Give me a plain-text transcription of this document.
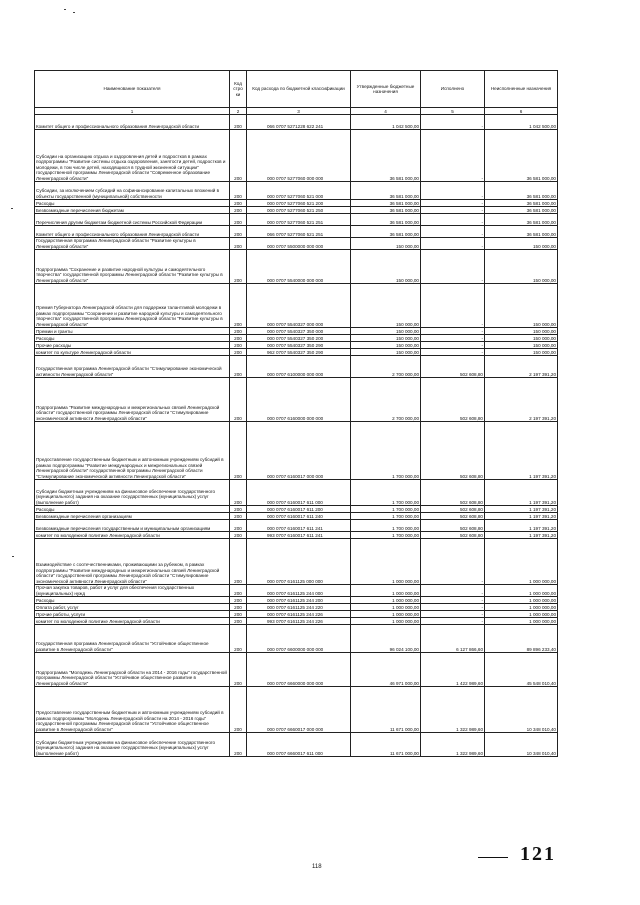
Наименование показателя	Код стро ки	Код расхода по бюджетной классификации	Утвержденные бюджетные назначения	Исполнено	Неисполненные назначения
1	2	3	4	5	6
Комитет общего и профессионального образования Ленинградской области	200	066 0707 5271228 622 241	1 042 500,00	-	1 042 500,00
Субсидии на организацию отдыха и оздоровления детей и подростков в рамках подпрограммы "Развитие системы отдыха оздоровления, занятости детей, подростков и молодежи, в том числе детей, находящихся в трудной жизненной ситуации" государственной программы Ленинградской области "Современное образование Ленинградской области"	200	000 0707 5277060 000 000	36 581 000,00	-	36 581 000,00
Субсидии, за исключением субсидий на софинансирование капитальных вложений в объекты государственной (муниципальной) собственности	200	000 0707 5277060 521 000	36 581 000,00	-	36 581 000,00
Расходы	200	000 0707 5277060 521 200	36 581 000,00	-	36 581 000,00
Безвозмездные перечисления бюджетам	200	000 0707 5277060 521 250	36 581 000,00	-	36 581 000,00
Перечисления другим бюджетам бюджетной системы Российской Федерации	200	000 0707 5277060 521 251	36 581 000,00	-	36 581 000,00
Комитет общего и профессионального образования Ленинградской области	200	066 0707 5277060 521 251	36 581 000,00	-	36 581 000,00
Государственная программа Ленинградской области "Развитие культуры в Ленинградской области"	200	000 0707 5500000 000 000	150 000,00	-	150 000,00
Подпрограмма "Сохранение и развитие народной культуры и самодеятельного творчества" государственной программы Ленинградской области "Развитие культуры в Ленинградской области"	200	000 0707 5540000 000 000	150 000,00	-	150 000,00
Премия Губернатора Ленинградской области для поддержки талантливой молодежи в рамках подпрограммы "Сохранение и развитие народной культуры и самодеятельного творчества" государственной программы Ленинградской области "Развитие культуры в Ленинградской области"	200	000 0707 5540327 000 000	150 000,00	-	150 000,00
Премии и гранты	200	000 0707 5540327 350 000	150 000,00	-	150 000,00
Расходы	200	000 0707 5540327 350 200	150 000,00	-	150 000,00
Прочие расходы	200	000 0707 5540327 350 290	150 000,00	-	150 000,00
комитет по культуре Ленинградской области	200	962 0707 5540327 350 290	150 000,00	-	150 000,00
Государственная программа Ленинградской области "Стимулирование экономической активности Ленинградской области"	200	000 0707 6100000 000 000	2 700 000,00	502 608,80	2 197 391,20
Подпрограмма "Развитие международных и межрегиональных связей Ленинградской области" государственной программы Ленинградской области "Стимулирование экономической активности Ленинградской области"	200	000 0707 6160000 000 000	2 700 000,00	502 608,80	2 197 391,20
Предоставление государственным бюджетным и автономным учреждениям субсидий в рамках подпрограммы "Развитие международных и межрегиональных связей Ленинградской области" государственной программы Ленинградской области "Стимулирование экономической активности Ленинградской области"	200	000 0707 6160017 000 000	1 700 000,00	502 608,80	1 197 391,20
Субсидии бюджетным учреждениям на финансовое обеспечение государственного (муниципального) задания на оказание государственных (муниципальных) услуг (выполнение работ)	200	000 0707 6160017 611 000	1 700 000,00	502 608,80	1 197 391,20
Расходы	200	000 0707 6160017 611 200	1 700 000,00	502 608,80	1 197 391,20
Безвозмездные перечисления организациям	200	000 0707 6160017 611 240	1 700 000,00	502 608,80	1 197 391,20
Безвозмездные перечисления государственным и муниципальным организациям	200	000 0707 6160017 611 241	1 700 000,00	502 608,80	1 197 391,20
комитет по молодежной политике Ленинградской области	200	993 0707 6160017 611 241	1 700 000,00	502 608,80	1 197 391,20
Взаимодействие с соотечественниками, проживающими за рубежом, в рамках подпрограммы "Развитие международных и межрегиональных связей Ленинградской области" государственной программы Ленинградской области "Стимулирование экономической активности Ленинградской области"	200	000 0707 6161125 000 000	1 000 000,00	-	1 000 000,00
Прочая закупка товаров, работ и услуг для обеспечения государственных (муниципальных) нужд	200	000 0707 6161125 244 000	1 000 000,00	-	1 000 000,00
Расходы	200	000 0707 6161125 244 200	1 000 000,00	-	1 000 000,00
Оплата работ, услуг	200	000 0707 6161125 244 220	1 000 000,00	-	1 000 000,00
Прочие работы, услуги	200	000 0707 6161125 244 226	1 000 000,00	-	1 000 000,00
комитет по молодежной политике Ленинградской области	200	993 0707 6161125 244 226	1 000 000,00	-	1 000 000,00
Государственная программа Ленинградской области "Устойчивое общественное развитие в Ленинградской области"	200	000 0707 6600000 000 000	96 024 100,00	6 127 866,60	89 896 233,40
Подпрограмма "Молодежь Ленинградской области на 2014 - 2016 годы" государственной программы Ленинградской области "Устойчивое общественное развитие в Ленинградской области"	200	000 0707 6660000 000 000	46 971 000,00	1 422 989,60	45 548 010,40
Предоставление государственным бюджетным и автономным учреждениям субсидий в рамках подпрограммы "Молодежь Ленинградской области на 2014 - 2016 годы" государственной программы Ленинградской области "Устойчивое общественное развитие в Ленинградской области"	200	000 0707 6660017 000 000	11 671 000,00	1 322 989,60	10 348 010,40
Субсидии бюджетным учреждениям на финансовое обеспечение государственного (муниципального) задания на оказание государственных (муниципальных) услуг (выполнение работ)	200	000 0707 6660017 611 000	11 671 000,00	1 322 989,60	10 348 010,40
121
118
